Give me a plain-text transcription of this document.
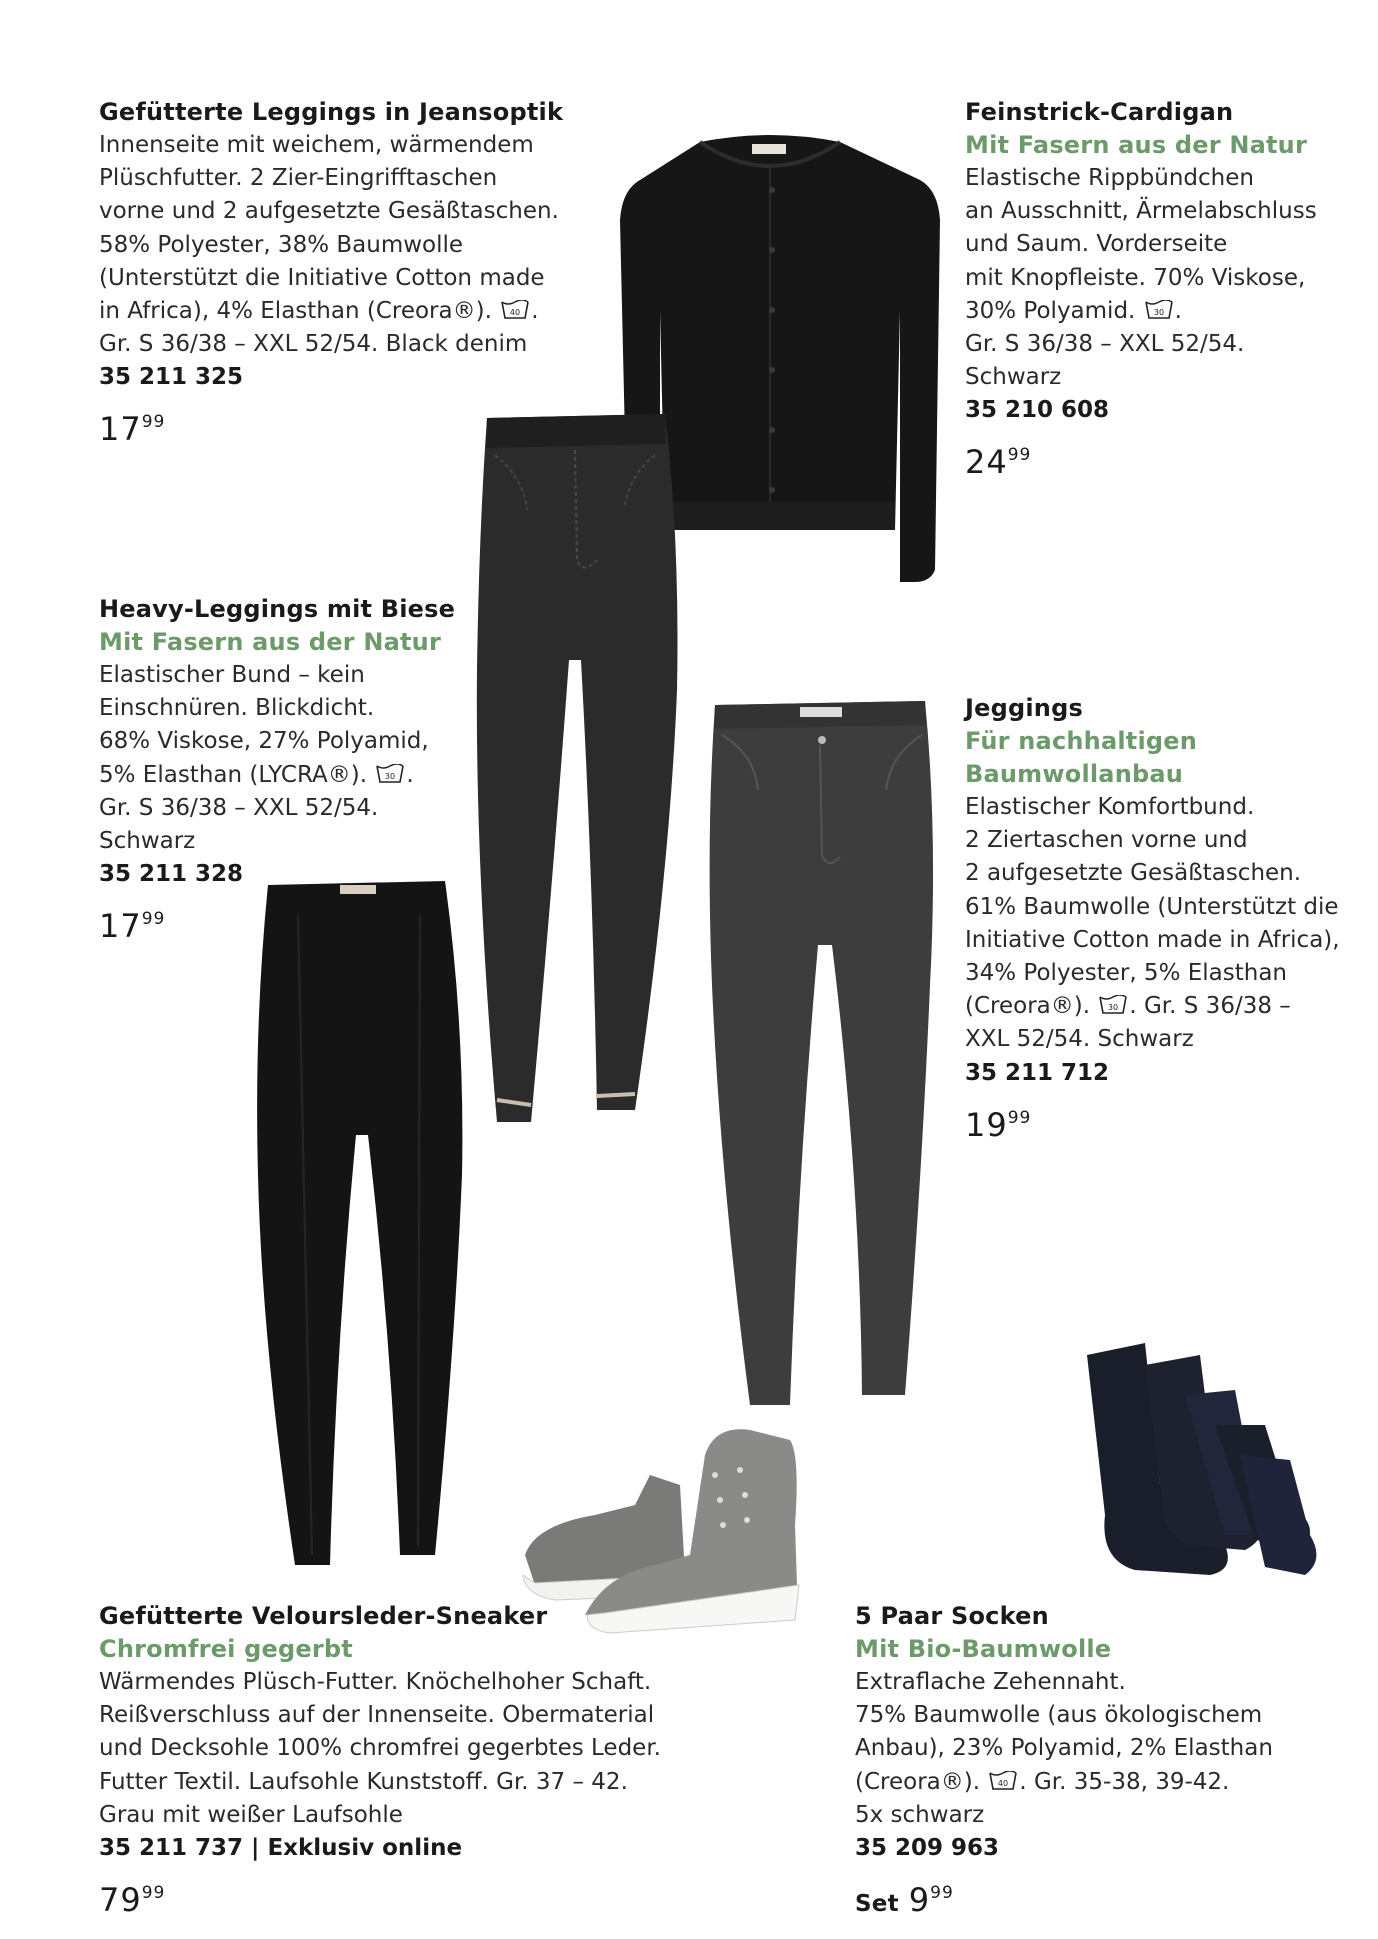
Gefütterte Leggings in Jeansoptik
Innenseite mit weichem, wärmendem
Plüschfutter. 2 Zier-Eingrifftaschen
vorne und 2 aufgesetzte Gesäßtaschen.
58% Polyester, 38% Baumwolle
(Unterstützt die Initiative Cotton made
in Africa), 4% Elasthan (Creora®). 40 .
Gr. S 36/38 – XXL 52/54. Black denim
35 211 325
$17^{99}$
Feinstrick-Cardigan
Mit Fasern aus der Natur
Elastische Rippbündchen
an Ausschnitt, Ärmelabschluss
und Saum. Vorderseite
mit Knopfleiste. 70% Viskose,
30% Polyamid. 30 .
Gr. S 36/38 – XXL 52/54.
Schwarz
35 210 608
$24^{99}$
Heavy-Leggings mit Biese
Mit Fasern aus der Natur
Elastischer Bund – kein
Einschnüren. Blickdicht.
68% Viskose, 27% Polyamid,
5% Elasthan (LYCRA®). 30 .
Gr. S 36/38 – XXL 52/54.
Schwarz
35 211 328
$17^{99}$
Jeggings
Für nachhaltigen
Baumwollanbau
Elastischer Komfortbund.
2 Ziertaschen vorne und
2 aufgesetzte Gesäßtaschen.
61% Baumwolle (Unterstützt die
Initiative Cotton made in Africa),
34% Polyester, 5% Elasthan
(Creora®). 30 . Gr. S 36/38 –
XXL 52/54. Schwarz
35 211 712
$19^{99}$
Gefütterte Veloursleder-Sneaker
Chromfrei gegerbt
Wärmendes Plüsch-Futter. Knöchelhoher Schaft.
Reißverschluss auf der Innenseite. Obermaterial
und Decksohle 100% chromfrei gegerbtes Leder.
Futter Textil. Laufsohle Kunststoff. Gr. 37 – 42.
Grau mit weißer Laufsohle
35 211 737 | Exklusiv online
$79^{99}$
5 Paar Socken
Mit Bio-Baumwolle
Extraflache Zehennaht.
75% Baumwolle (aus ökologischem
Anbau), 23% Polyamid, 2% Elasthan
(Creora®). 40 . Gr. 35-38, 39-42.
5x schwarz
35 209 963
Set $9^{99}$
